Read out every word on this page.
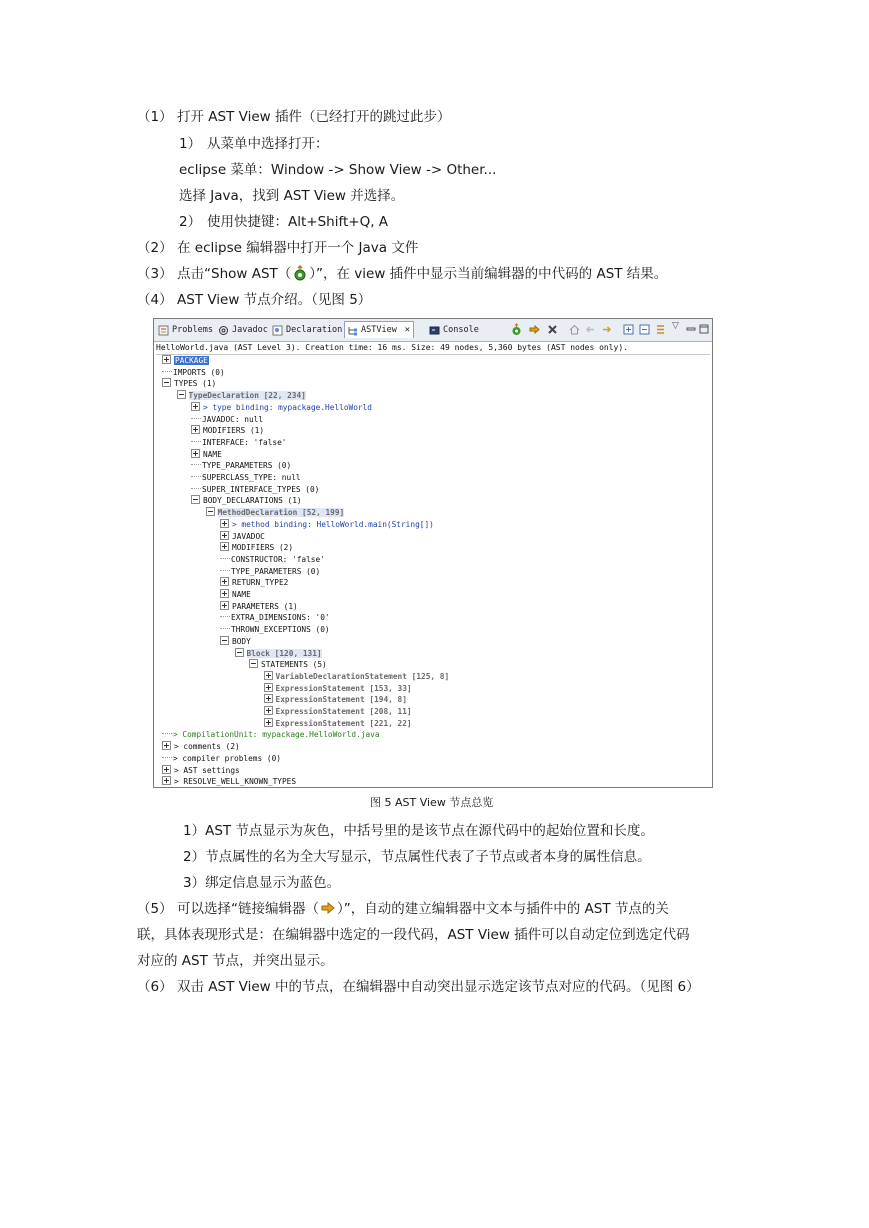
（1） 打开 AST View 插件（已经打开的跳过此步）
1） 从菜单中选择打开：
eclipse 菜单：Window -> Show View -> Other...
选择 Java，找到 AST View 并选择。
2） 使用快捷键：Alt+Shift+Q, A
（2） 在 eclipse 编辑器中打开一个 Java 文件
（3） 点击“Show AST（ ）”，在 view 插件中显示当前编辑器的中代码的 AST 结果。
（4） AST View 节点介绍。（见图 5）
Problems	Javadoc	Declaration	ASTView ✕	Console	▽
HelloWorld.java (AST Level 3). Creation time: 16 ms. Size: 49 nodes, 5,360 bytes (AST nodes only).
PACKAGE
IMPORTS (0)
TYPES (1)
TypeDeclaration [22, 234]
> type binding: mypackage.HelloWorld
JAVADOC: null
MODIFIERS (1)
INTERFACE: 'false'
NAME
TYPE_PARAMETERS (0)
SUPERCLASS_TYPE: null
SUPER_INTERFACE_TYPES (0)
BODY_DECLARATIONS (1)
MethodDeclaration [52, 199]
> method binding: HelloWorld.main(String[])
JAVADOC
MODIFIERS (2)
CONSTRUCTOR: 'false'
TYPE_PARAMETERS (0)
RETURN_TYPE2
NAME
PARAMETERS (1)
EXTRA_DIMENSIONS: '0'
THROWN_EXCEPTIONS (0)
BODY
Block [120, 131]
STATEMENTS (5)
VariableDeclarationStatement [125, 8]
ExpressionStatement [153, 33]
ExpressionStatement [194, 8]
ExpressionStatement [208, 11]
ExpressionStatement [221, 22]
> CompilationUnit: mypackage.HelloWorld.java
> comments (2)
> compiler problems (0)
> AST settings
> RESOLVE_WELL_KNOWN_TYPES
图 5 AST View 节点总览
1）AST 节点显示为灰色，中括号里的是该节点在源代码中的起始位置和长度。
2）节点属性的名为全大写显示，节点属性代表了子节点或者本身的属性信息。
3）绑定信息显示为蓝色。
（5） 可以选择“链接编辑器（ ）”，自动的建立编辑器中文本与插件中的 AST 节点的关
联，具体表现形式是：在编辑器中选定的一段代码，AST View 插件可以自动定位到选定代码
对应的 AST 节点，并突出显示。
（6） 双击 AST View 中的节点，在编辑器中自动突出显示选定该节点对应的代码。（见图 6）
